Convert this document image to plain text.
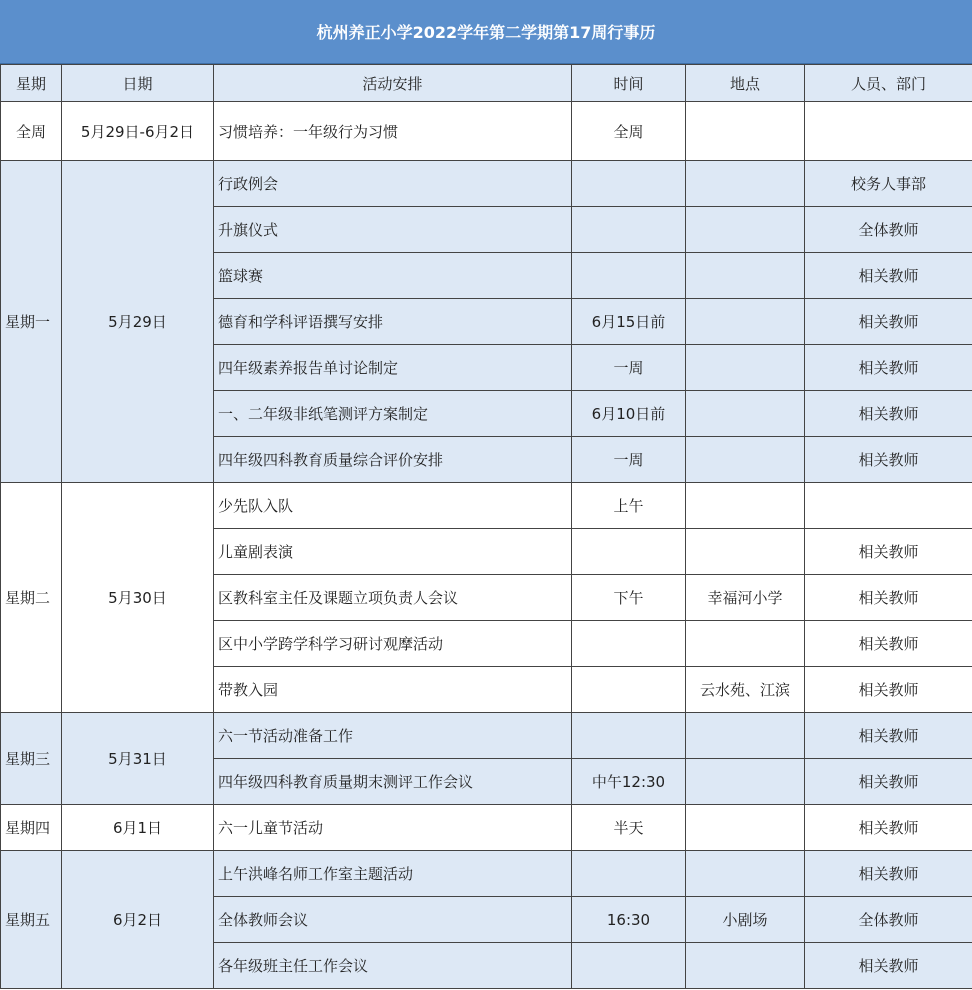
杭州养正小学2022学年第二学期第17周行事历
星期	日期	活动安排	时间	地点	人员、部门
全周	5月29日-6月2日	习惯培养：一年级行为习惯	全周		
星期一	5月29日	行政例会			校务人事部
		升旗仪式			全体教师
		篮球赛			相关教师
		德育和学科评语撰写安排	6月15日前		相关教师
		四年级素养报告单讨论制定	一周		相关教师
		一、二年级非纸笔测评方案制定	6月10日前		相关教师
		四年级四科教育质量综合评价安排	一周		相关教师
星期二	5月30日	少先队入队	上午		
		儿童剧表演			相关教师
		区教科室主任及课题立项负责人会议	下午	幸福河小学	相关教师
		区中小学跨学科学习研讨观摩活动			相关教师
		带教入园		云水苑、江滨	相关教师
星期三	5月31日	六一节活动准备工作			相关教师
		四年级四科教育质量期末测评工作会议	中午12:30		相关教师
星期四	6月1日	六一儿童节活动	半天		相关教师
星期五	6月2日	上午洪峰名师工作室主题活动			相关教师
		全体教师会议	16:30	小剧场	全体教师
		各年级班主任工作会议			相关教师
